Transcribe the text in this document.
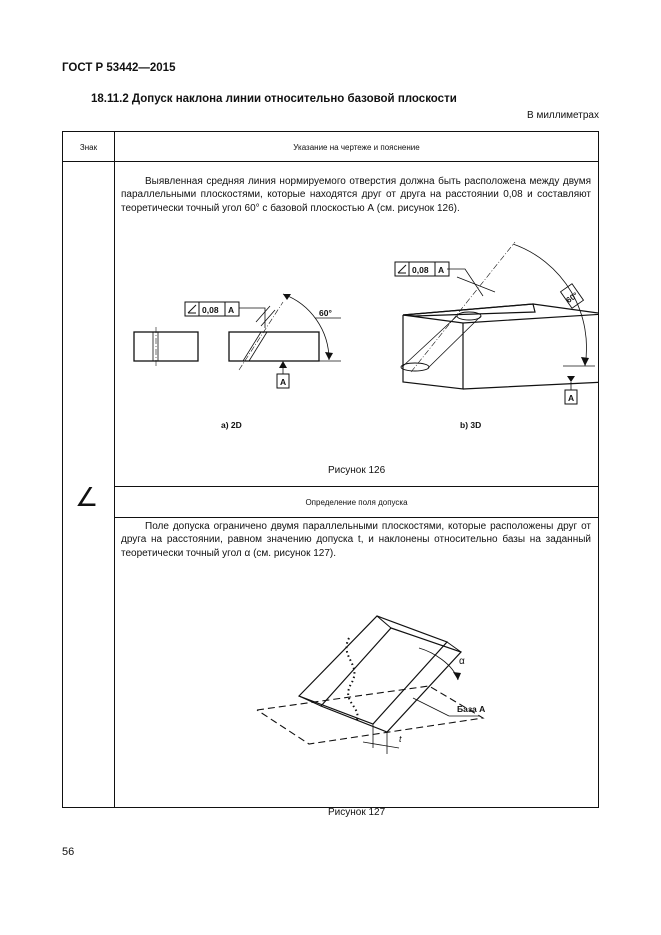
ГОСТ Р 53442—2015
18.11.2 Допуск наклона линии относительно базовой плоскости
В миллиметрах
Знак	Указание на чертеже и пояснение
∠
Выявленная средняя линия нормируемого отверстия должна быть расположена между двумя параллельными плоскостями, которые находятся друг от друга на расстоянии 0,08 и составляют теоретически точный угол 60° с базовой плоскостью А (см. рисунок 126).
0,08 A
A
60°
0,08 A
A
60°
а) 2D	b) 3D
Рисунок 126
Определение поля допуска
Поле допуска ограничено двумя параллельными плоскостями, которые расположены друг от друга на расстоянии, равном значению допуска t, и наклонены относительно базы на заданный теоретически точный угол α (см. рисунок 127).
α
База A
t
Рисунок 127
56
